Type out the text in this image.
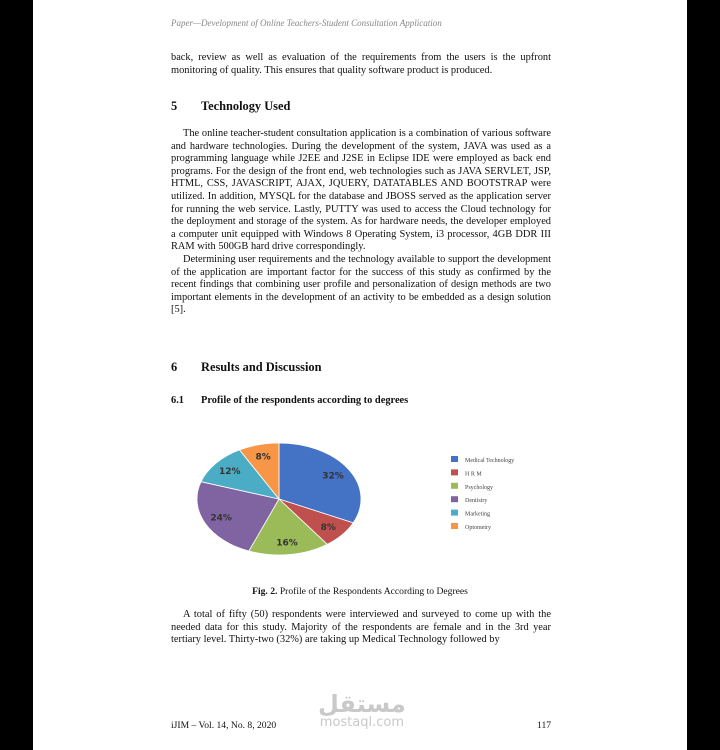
Paper—Development of Online Teachers-Student Consultation Application

back, review as well as evaluation of the requirements from the users is the upfront monitoring of quality. This ensures that quality software product is produced.

5 Technology Used

The online teacher-student consultation application is a combination of various software and hardware technologies. During the development of the system, JAVA was used as a programming language while J2EE and J2SE in Eclipse IDE were employed as back end programs. For the design of the front end, web technologies such as JAVA SERVLET, JSP, HTML, CSS, JAVASCRIPT, AJAX, JQUERY, DATATABLES AND BOOTSTRAP were utilized. In addition, MYSQL for the database and JBOSS served as the application server for running the web service. Lastly, PUTTY was used to access the Cloud technology for the deployment and storage of the system. As for hardware needs, the developer employed a computer unit equipped with Windows 8 Operating System, i3 processor, 4GB DDR III RAM with 500GB hard drive correspondingly.

Determining user requirements and the technology available to support the development of the application are important factor for the success of this study as confirmed by the recent findings that combining user profile and personalization of design methods are two important elements in the development of an activity to be embedded as a design solution [5].

6 Results and Discussion
6.1 Profile of the respondents according to degrees
32%
8%
16%
24%
12%
8%	Medical Technology
H R M
Psychology
Dentistry
Marketing
Optometry
Fig. 2. Profile of the Respondents According to Degrees

A total of fifty (50) respondents were interviewed and surveyed to come up with the needed data for this study. Majority of the respondents are female and in the 3rd year tertiary level. Thirty-two (32%) are taking up Medical Technology followed by

مستقل
mostaql.com
iJIM – Vol. 14, No. 8, 2020	117
